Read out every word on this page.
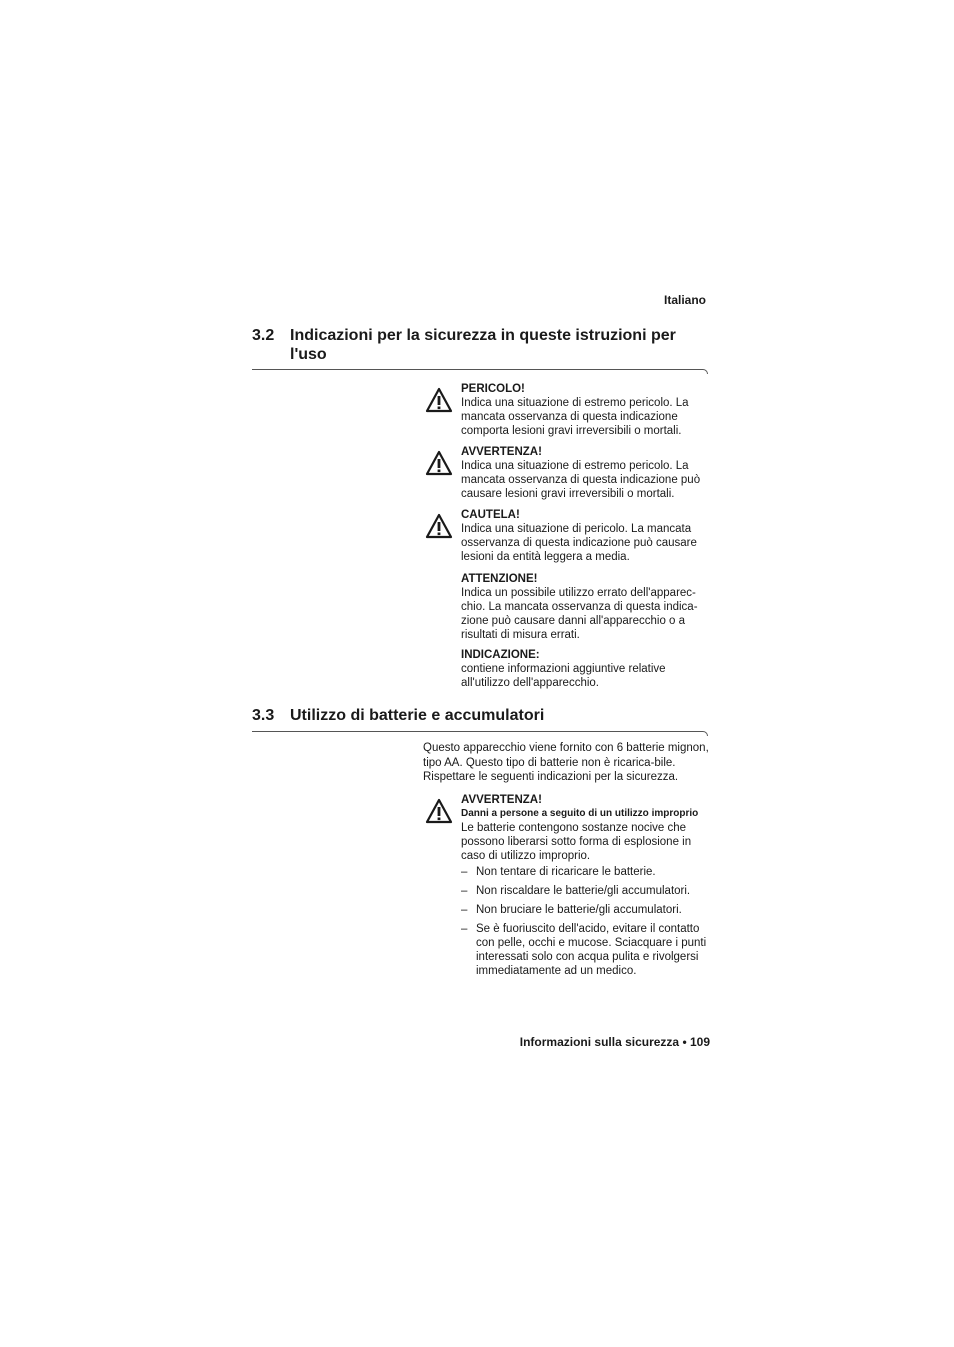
Italiano
3.2 Indicazioni per la sicurezza in queste istruzioni per l'uso
PERICOLO!
Indica una situazione di estremo pericolo. La mancata osservanza di questa indicazione comporta lesioni gravi irreversibili o mortali.
AVVERTENZA!
Indica una situazione di estremo pericolo. La mancata osservanza di questa indicazione può causare lesioni gravi irreversibili o mortali.
CAUTELA!
Indica una situazione di pericolo. La mancata osservanza di questa indicazione può causare lesioni da entità leggera a media.
ATTENZIONE!
Indica un possibile utilizzo errato dell'apparec-chio. La mancata osservanza di questa indica-zione può causare danni all'apparecchio o a risultati di misura errati.
INDICAZIONE:
contiene informazioni aggiuntive relative all'utilizzo dell'apparecchio.
3.3 Utilizzo di batterie e accumulatori
Questo apparecchio viene fornito con 6 batterie mignon, tipo AA. Questo tipo di batterie non è ricarica-bile. Rispettare le seguenti indicazioni per la sicurezza.
AVVERTENZA!
Danni a persone a seguito di un utilizzo improprio
Le batterie contengono sostanze nocive che possono liberarsi sotto forma di esplosione in caso di utilizzo improprio.
– Non tentare di ricaricare le batterie.
– Non riscaldare le batterie/gli accumulatori.
– Non bruciare le batterie/gli accumulatori.
– Se è fuoriuscito dell'acido, evitare il contatto con pelle, occhi e mucose. Sciacquare i punti interessati solo con acqua pulita e rivolgersi immediatamente ad un medico.
Informazioni sulla sicurezza • 109
